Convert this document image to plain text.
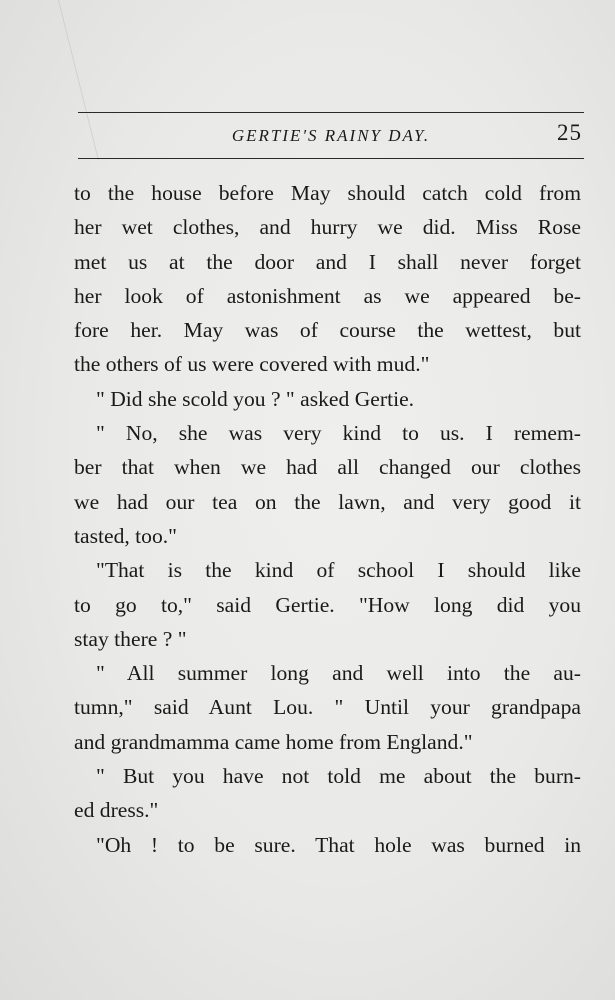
GERTIE'S RAINY DAY.	25
to the house before May should catch cold from
her wet clothes, and hurry we did. Miss Rose
met us at the door and I shall never forget
her look of astonishment as we appeared be-
fore her. May was of course the wettest, but
the others of us were covered with mud."
" Did she scold you ? " asked Gertie.
" No, she was very kind to us. I remem-
ber that when we had all changed our clothes
we had our tea on the lawn, and very good it
tasted, too."
"That is the kind of school I should like
to go to," said Gertie. "How long did you
stay there ? "
" All summer long and well into the au-
tumn," said Aunt Lou. " Until your grandpapa
and grandmamma came home from England."
" But you have not told me about the burn-
ed dress."
"Oh ! to be sure. That hole was burned in
